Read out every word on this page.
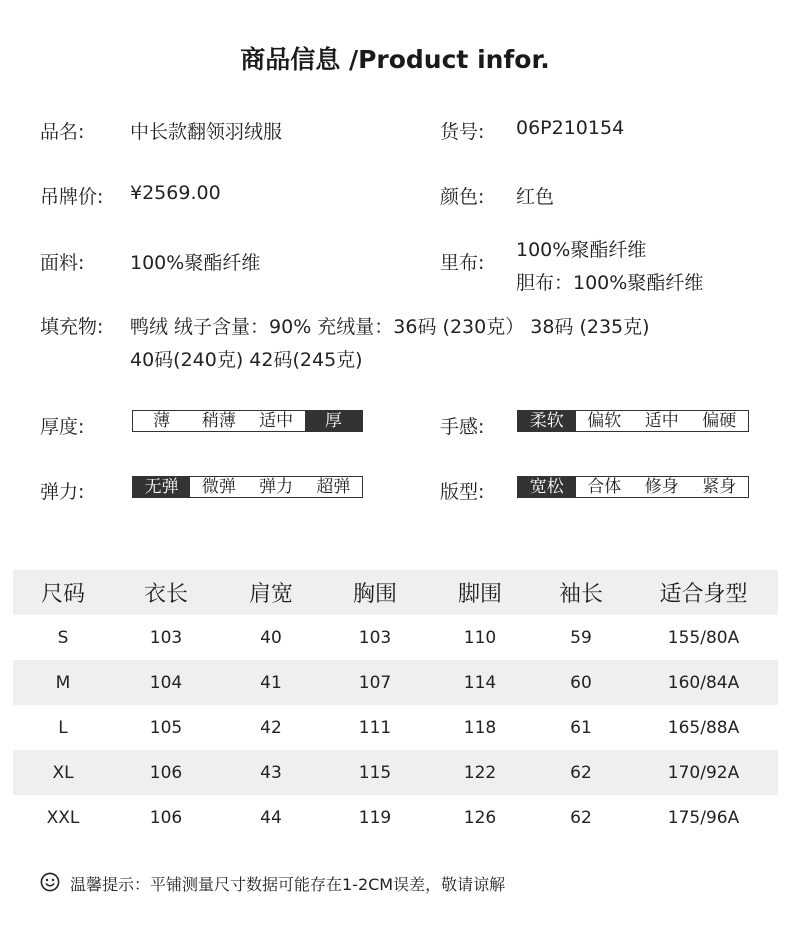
商品信息 /Product infor.
品名: 中长款翻领羽绒服	货号: 06P210154
吊牌价: ¥2569.00	颜色: 红色
面料: 100%聚酯纤维	里布:
100%聚酯纤维
胆布：100%聚酯纤维
填充物: 鸭绒 绒子含量：90% 充绒量：36码 (230克） 38码 (235克)
40码(240克) 42码(245克)
厚度:	薄	稍薄	适中	厚	手感:	柔软	偏软	适中	偏硬
弹力:	无弹	微弹	弹力	超弹	版型:	宽松	合体	修身	紧身
尺码	衣长	肩宽	胸围	脚围	袖长	适合身型
S	103	40	103	110	59	155/80A
M	104	41	107	114	60	160/84A
L	105	42	111	118	61	165/88A
XL	106	43	115	122	62	170/92A
XXL	106	44	119	126	62	175/96A
温馨提示：平铺测量尺寸数据可能存在1-2CM误差，敬请谅解
